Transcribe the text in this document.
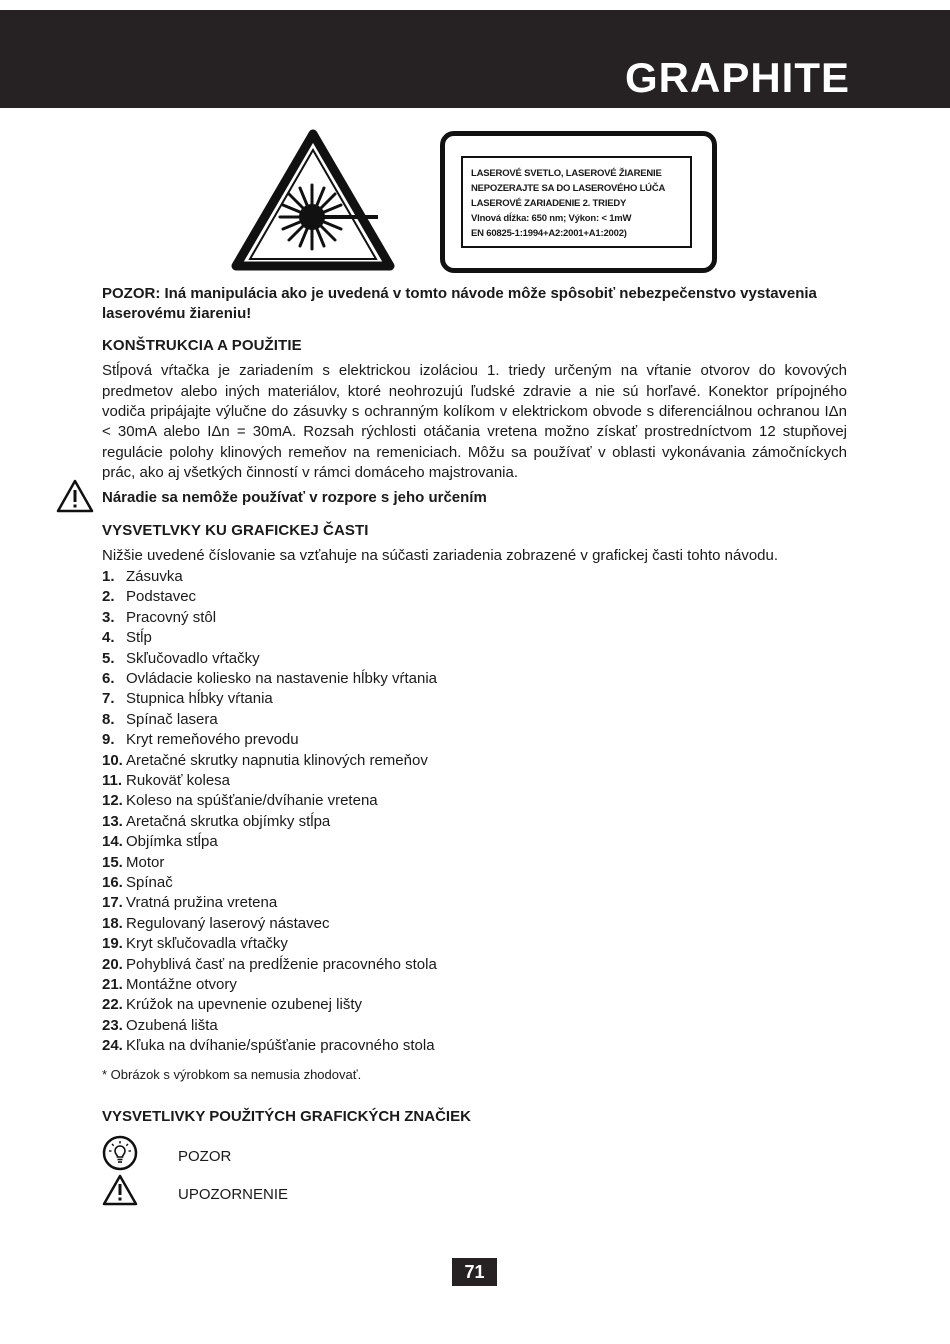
GRAPHITE
LASEROVÉ SVETLO, LASEROVÉ ŽIARENIE
NEPOZERAJTE SA DO LASEROVÉHO LÚČA
LASEROVÉ ZARIADENIE 2. TRIEDY
Vlnová dĺžka: 650 nm; Výkon: < 1mW
EN 60825-1:1994+A2:2001+A1:2002)

POZOR: Iná manipulácia ako je uvedená v tomto návode môže spôsobiť nebezpečenstvo vystavenia laserovému žiareniu!

KONŠTRUKCIA A POUŽITIE

Stĺpová vŕtačka je zariadením s elektrickou izoláciou 1. triedy určeným na vŕtanie otvorov do kovových predmetov alebo iných materiálov, ktoré neohrozujú ľudské zdravie a nie sú horľavé. Konektor prípojného vodiča pripájajte výlučne do zásuvky s ochranným kolíkom v elektrickom obvode s diferenciálnou ochranou IΔn < 30mA alebo IΔn = 30mA. Rozsah rýchlosti otáčania vretena možno získať prostredníctvom 12 stupňovej regulácie polohy klinových remeňov na remeniciach. Môžu sa používať v oblasti vykonávania zámočníckych prác, ako aj všetkých činností v rámci domáceho majstrovania.

Náradie sa nemôže používať v rozpore s jeho určením
VYSVETLVKY KU GRAFICKEJ ČASTI

Nižšie uvedené číslovanie sa vzťahuje na súčasti zariadenia zobrazené v grafickej časti tohto návodu.

1. Zásuvka
2. Podstavec
3. Pracovný stôl
4. Stĺp
5. Skľučovadlo vŕtačky
6. Ovládacie koliesko na nastavenie hĺbky vŕtania
7. Stupnica hĺbky vŕtania
8. Spínač lasera
9. Kryt remeňového prevodu
10. Aretačné skrutky napnutia klinových remeňov
11. Rukoväť kolesa
12. Koleso na spúšťanie/dvíhanie vretena
13. Aretačná skrutka objímky stĺpa
14. Objímka stĺpa
15. Motor
16. Spínač
17. Vratná pružina vretena
18. Regulovaný laserový nástavec
19. Kryt skľučovadla vŕtačky
20. Pohyblivá časť na predĺženie pracovného stola
21. Montážne otvory
22. Krúžok na upevnenie ozubenej lišty
23. Ozubená lišta
24. Kľuka na dvíhanie/spúšťanie pracovného stola

* Obrázok s výrobkom sa nemusia zhodovať.

VYSVETLIVKY POUŽITÝCH GRAFICKÝCH ZNAČIEK
POZOR
UPOZORNENIE
71
